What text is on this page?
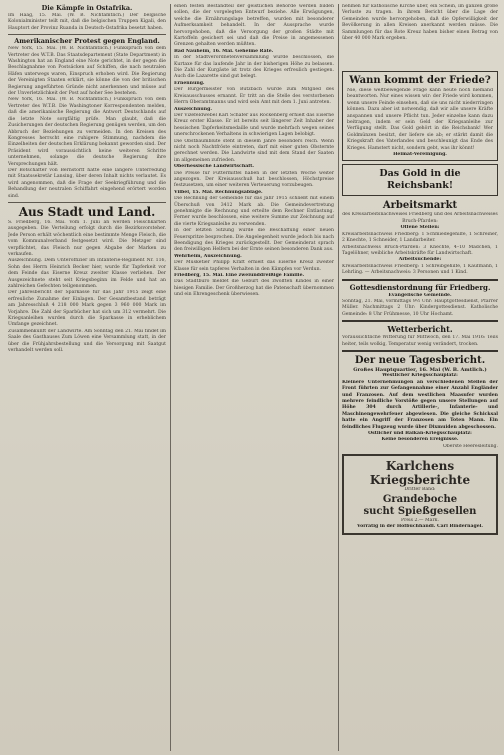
Die Kämpfe in Ostafrika.
Im Haag, 15. Mai. (W. B. Nichtamtlich.) Der belgische Kolonialminister teilt mit, daß die belgischen Truppen Kigali, den Hauptort der Provinz Ruanda in Deutsch-Ostafrika besetzt haben.
Amerikanischer Protest gegen England.
New York, 15. Mai. (W. B. Nichtamtlich.) Funkspruch von dem Vertreter des W.T.B. Das Staatsdepartement (State Department) in Washington hat an England eine Note gerichtet, in der gegen die Beschlagnahme von Postsäcken auf Schiffen, die nach neutralen Häfen unterwegs waren, Einspruch erhoben wird. Die Regierung der Vereinigten Staaten erklärt, sie könne die von der britischen Regierung angeführten Gründe nicht anerkennen und müsse auf der Unverletzlichkeit der Post auf hoher See bestehen.
New York, 16. Mai. (W. B. Nichtamtlich.) Funkspruch von dem Vertreter des W.T.B. Die Washingtoner Korrespondenten melden, daß die amerikanische Regierung die Antwort Deutschlands auf die letzte Note sorgfältig prüfe. Man glaubt, daß die Zusicherungen der deutschen Regierung genügen werden, um den Abbruch der Beziehungen zu vermeiden. In den Kreisen des Kongresses herrscht eine ruhigere Stimmung, nachdem die Einzelheiten der deutschen Erklärung bekannt geworden sind. Der Präsident wird voraussichtlich keine weiteren Schritte unternehmen, solange die deutsche Regierung ihre Versprechungen hält.
Der Botschafter von Bernstorff hatte eine längere Unterredung mit Staatssekretär Lansing, über deren Inhalt nichts verlautet. Es wird angenommen, daß die Frage der Seekriegführung und die Behandlung der neutralen Schiffahrt eingehend erörtert worden sind.
Aus Stadt und Land.
S. Friedberg, 16. Mai. Vom 1. Juni an werden Fleischkarten ausgegeben. Die Verteilung erfolgt durch die Bezirksvorsteher. Jede Person erhält wöchentlich eine bestimmte Menge Fleisch, die vom Kommunalverband festgesetzt wird. Die Metzger sind verpflichtet, das Fleisch nur gegen Abgabe der Marken zu verkaufen.
Auszeichnung. Dem Unteroffizier im Infanterie-Regiment Nr. 116, Sohn des Herrn Heinrich Becker hier, wurde für Tapferkeit vor dem Feinde das Eiserne Kreuz zweiter Klasse verliehen. Der Ausgezeichnete steht seit Kriegsbeginn im Felde und hat an zahlreichen Gefechten teilgenommen.
Der Jahresbericht der Sparkasse für das Jahr 1915 zeigt eine erfreuliche Zunahme der Einlagen. Der Gesamtbestand beträgt am Jahresschluß 4 218 000 Mark gegen 3 960 000 Mark im Vorjahre. Die Zahl der Sparbücher hat sich um 312 vermehrt. Die Kriegsanleihen wurden durch die Sparkasse in erheblichem Umfange gezeichnet.
Zusammenkunft der Landwirte. Am Sonntag den 21. Mai findet im Saale des Gasthauses Zum Löwen eine Versammlung statt, in der über die Frühjahrsbestellung und die Versorgung mit Saatgut verhandelt werden soll.
einen festen Bestandteil der geistlichen Behörde werden bilden sollen, die der vorgelegten Entwurf beziehe. Alle Erwägungen, welche die Ernährungslage betreffen, wurden mit besonderer Aufmerksamkeit behandelt. In der Aussprache wurde hervorgehoben, daß die Versorgung der großen Städte mit Kartoffeln gesichert sei und daß die Preise in angemessenen Grenzen gehalten werden müßten.
Bad Nauheim, 16. Mai. Geheime Räte.
In der Stadtverordnetenversammlung wurde beschlossen, die Kurtaxe für das laufende Jahr in der bisherigen Höhe zu belassen. Die Zahl der Kurgäste ist trotz des Krieges erfreulich gestiegen. Auch die Lazarette sind gut belegt.
Ernennung.
Der Bürgermeister von Butzbach wurde zum Mitglied des Kreisausschusses ernannt. Er tritt an die Stelle des verstorbenen Herrn Oberamtmanns und wird sein Amt mit dem 1. Juni antreten.
Auszeichnung.
Der Vizefeldwebel Karl Schäfer aus Rockenberg erhielt das Eiserne Kreuz erster Klasse. Er ist bereits seit längerer Zeit Inhaber der hessischen Tapferkeitsmedaille und wurde mehrfach wegen seines unerschrockenen Verhaltens in schwierigen Lagen belobigt.
Die Obstbaumblüte steht in diesem Jahre besonders reich. Wenn nicht noch Nachtfröste eintreten, darf mit einer guten Obsternte gerechnet werden. Die Landwirte sind mit dem Stand der Saaten im allgemeinen zufrieden.
Oberhessische Landwirtschaft.
Die Preise für Futtermittel haben in der letzten Woche weiter angezogen. Der Kreisausschuß hat beschlossen, Höchstpreise festzusetzen, um einer weiteren Verteuerung vorzubeugen.
Vilbel, 15. Mai. Rechnungsablage.
Die Rechnung der Gemeinde für das Jahr 1915 schließt mit einem Überschuß von 3412 Mark ab. Die Gemeindevertretung genehmigte die Rechnung und erteilte dem Rechner Entlastung. Ferner wurde beschlossen, eine weitere Summe zur Zeichnung auf die vierte Kriegsanleihe zu verwenden.
In der letzten Sitzung wurde die Beschaffung einer neuen Feuerspritze besprochen. Die Angelegenheit wurde jedoch bis nach Beendigung des Krieges zurückgestellt. Der Gemeinderat sprach den freiwilligen Helfern bei der Ernte seinen besonderen Dank aus.
Wehrheim, Auszeichnung.
Der Musketier Philipp Kraft erhielt das Eiserne Kreuz zweiter Klasse für sein tapferes Verhalten in den Kämpfen vor Verdun.
Friedberg, 15. Mai. Eine zweiunddreißige Familie.
Das Stadtbüro meldet die Geburt des zwölften Kindes in einer hiesigen Familie. Der Großherzog hat die Patenschaft übernommen und ein Ehrengeschenk überwiesen.
nehmen für katholische Kirche über, ein Schein, im ganzen große Verluste zu tragen. In ihrem Bericht über die Lage der Gemeinden wurde hervorgehoben, daß die Opferwilligkeit der Bevölkerung in allen Kreisen anerkannt werden müsse. Die Sammlungen für das Rote Kreuz haben bisher einen Betrag von über 40 000 Mark ergeben.
Wann kommt der Friede?
Nie, diese weltbewegende Frage kann heute noch niemand beantworten. Nur eines wissen wir: der Friede wird kommen, wenn unsere Feinde einsehen, daß sie uns nicht niederringen können. Dazu aber ist notwendig, daß wir alle unsere Kräfte anspannen und unsere Pflicht tun. Jeder einzelne kann dazu beitragen, indem er sein Geld der Kriegsanleihe zur Verfügung stellt. Das Gold gehört in die Reichsbank! Wer Goldmünzen besitzt, der liefere sie ab; er stärkt damit die Kriegskraft des Vaterlandes und beschleunigt das Ende des Krieges. Hamstert nicht, sondern gebt, was ihr könnt!
Heimat-Vereinigung.
Das Gold in die Reichsbank!
Arbeitsmarkt
des Kreisarbeitsnachweises Friedberg und des Arbeitsnachweises Bruch-Pfarden:
Offene Stellen:
Kreisarbeitsnachweis Friedberg: 1 Schmiedegehilfe, 1 Schreiner, 2 Knechte, 1 Schneider, 1 Landarbeiter.
Arbeitsnachweis Bruch-Pfarden: 3 Knechte, 4–10 Mädchen, 1 Tagelöhner, weibliche Arbeitskräfte für Landwirtschaft.
Arbeitsuchende:
Kreisarbeitsnachweis Friedberg: 1 Schreibgehilfe, 1 Kaufmann, 1 Lehrling. — Arbeitsnachweis: 3 Personen und 1 Kind.
Gottesdienstordnung für Friedberg.
Evangelische Gemeinde.
Sonntag, 21. Mai, vormittags 9½ Uhr: Hauptgottesdienst, Pfarrer Müller. Nachmittags 2 Uhr: Kindergottesdienst. Katholische Gemeinde: 8 Uhr Frühmesse, 10 Uhr Hochamt.
Wetterbericht.
Voraussichtliche Witterung für Mittwoch, den 17. Mai 1916: Teils heiter, teils wolkig, Temperatur wenig verändert, trocken.
Der neue Tagesbericht.
Großes Hauptquartier, 16. Mai (W. B. Amtlich.)
Westlicher Kriegsschauplatz:
Kleinere Unternehmungen an verschiedenen Stellen der Front führten zur Gefangennahme einer Anzahl Engländer und Franzosen. Auf dem westlichen Maasufer wurden mehrere feindliche Vorstöße gegen unsere Stellungen auf Höhe 304 durch Artillerie-, Infanterie- und Maschinengewehrfeuer abgewiesen. Die gleiche Schicksal hatte ein Angriff der Franzosen am Toten Mann. Ein feindliches Flugzeug wurde über Dixmuiden abgeschossen.
Östlicher und Balkan-Kriegsschauplatz:
Keine besonderen Ereignisse.
Oberste Heeresleitung.
Karlchens Kriegsberichte
Dritter Band:
Grandeboche
sucht Spießgesellen
Preis 2.— Mark.
Vorrätig in der Hofbuchhandl. Carl Bindernagel.
